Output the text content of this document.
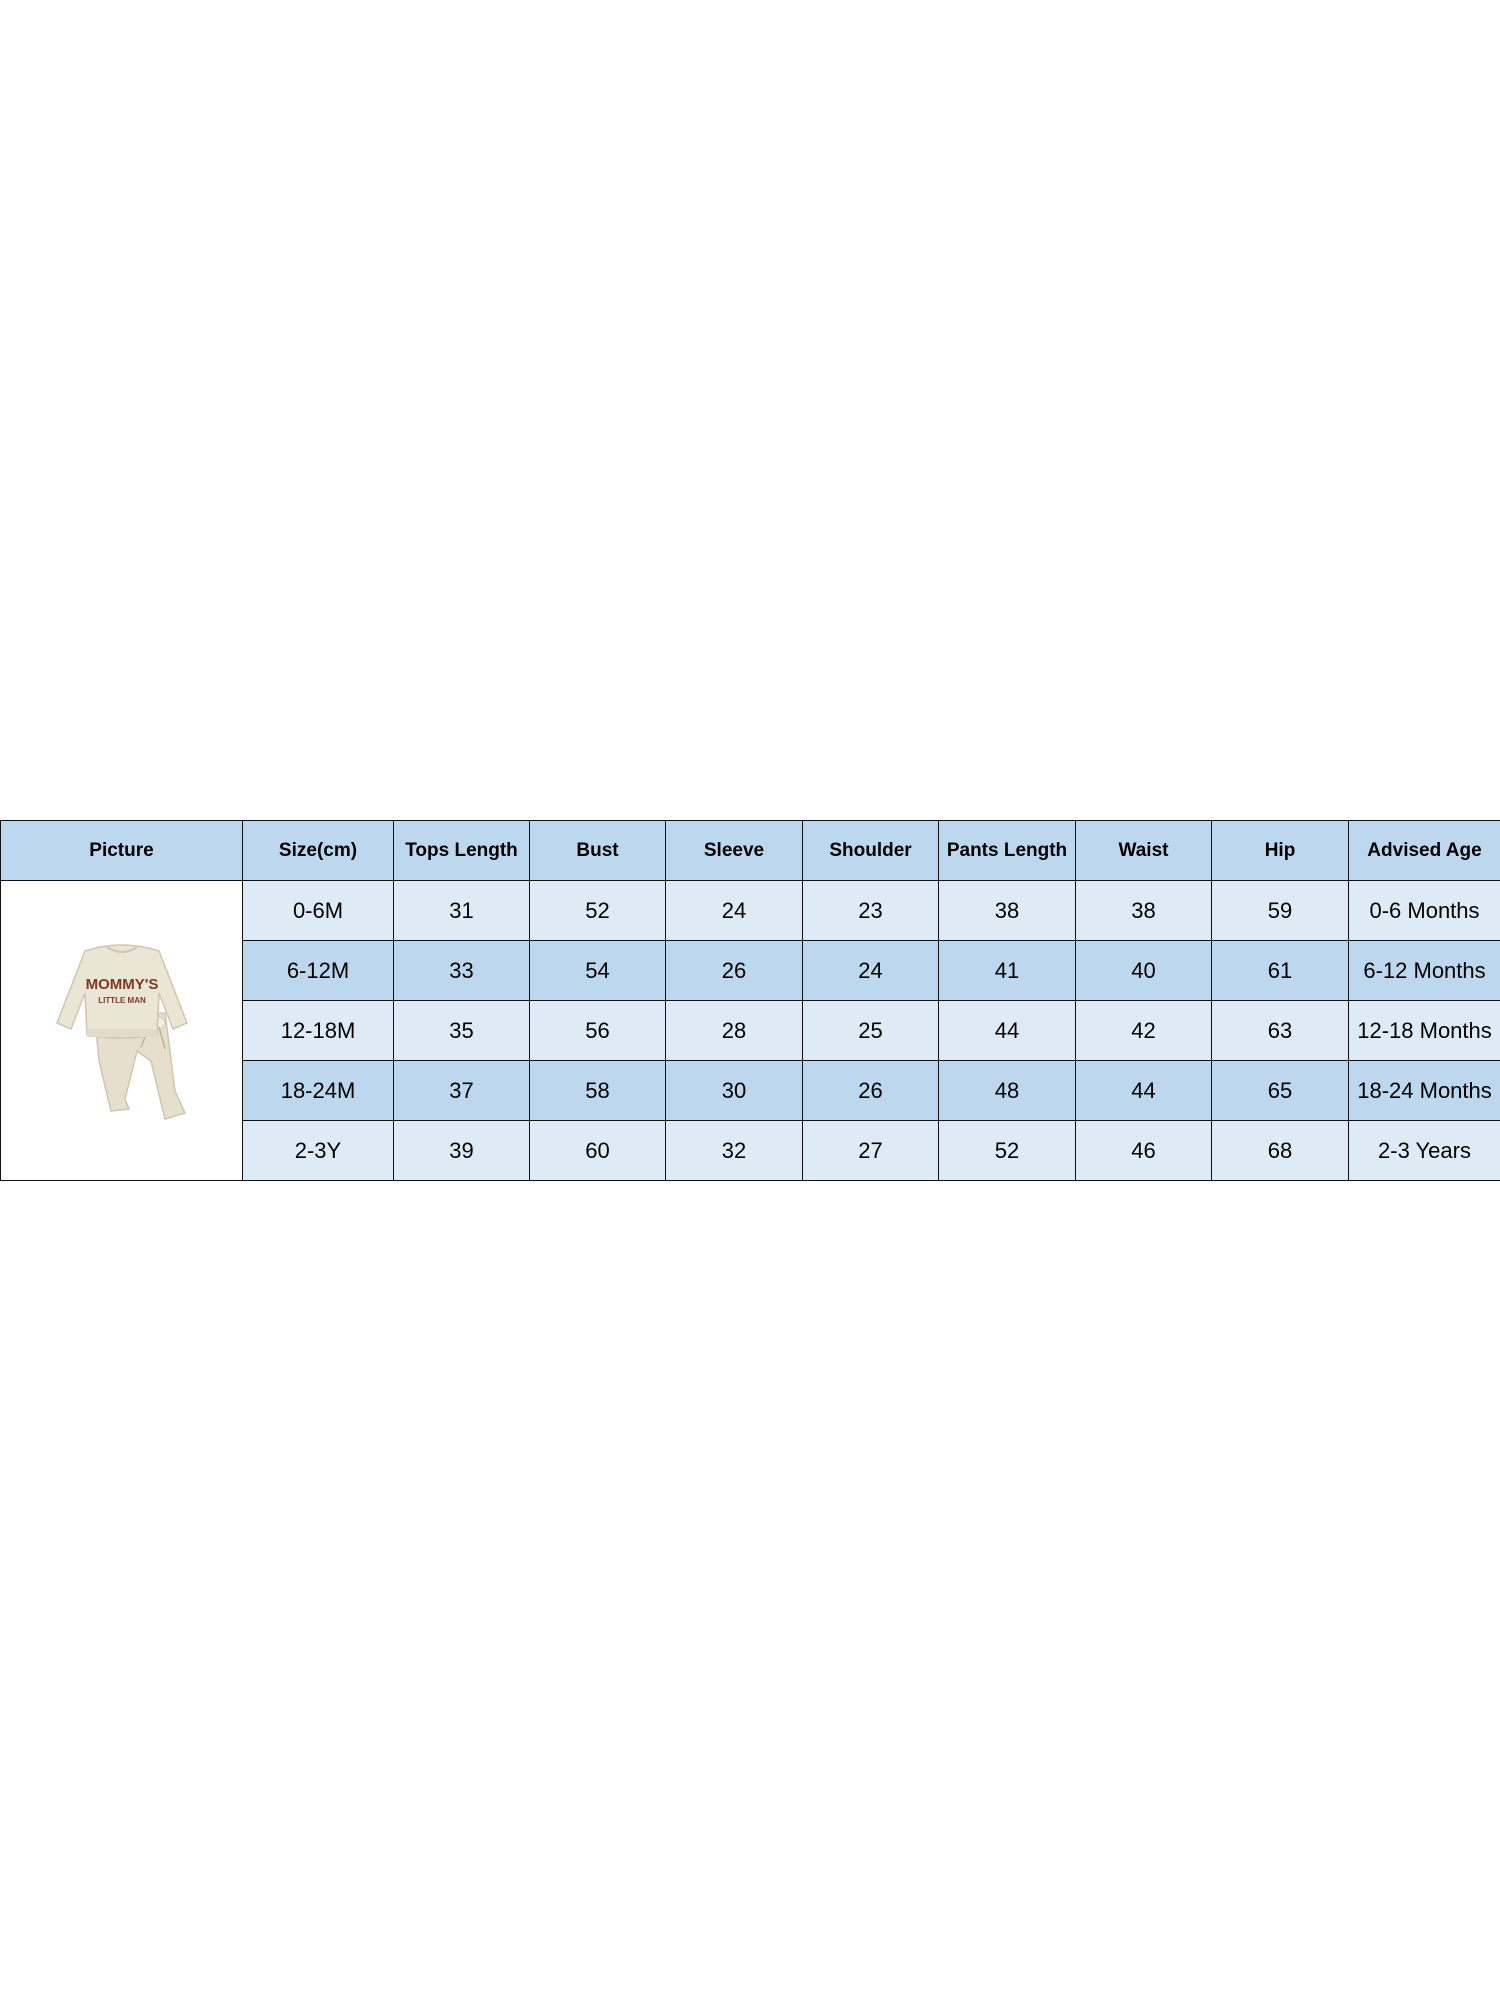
Picture	Size(cm)	Tops Length	Bust	Sleeve	Shoulder	Pants Length	Waist	Hip	Advised Age

MOMMY'S
LITTLE MAN	0-6M	31	52	24	23	38	38	59	0-6 Months
	6-12M	33	54	26	24	41	40	61	6-12 Months
	12-18M	35	56	28	25	44	42	63	12-18 Months
	18-24M	37	58	30	26	48	44	65	18-24 Months
	2-3Y	39	60	32	27	52	46	68	2-3 Years
